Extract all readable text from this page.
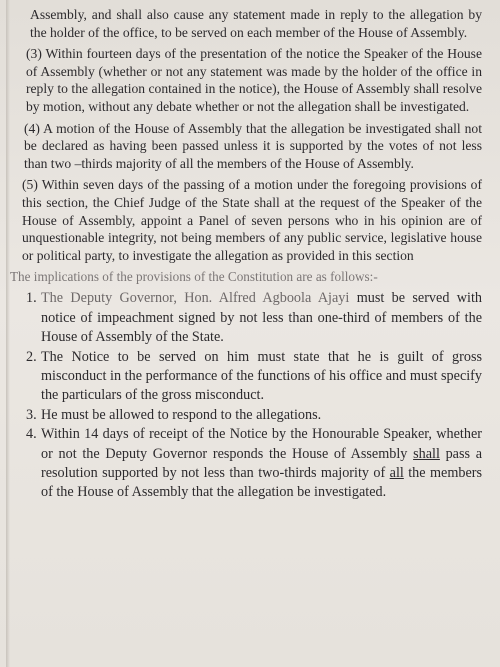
Assembly, and shall also cause any statement made in reply to the allegation by the holder of the office, to be served on each member of the House of Assembly.

(3) Within fourteen days of the presentation of the notice the Speaker of the House of Assembly (whether or not any statement was made by the holder of the office in reply to the allegation contained in the notice), the House of Assembly shall resolve by motion, without any debate whether or not the allegation shall be investigated.

(4) A motion of the House of Assembly that the allegation be investigated shall not be declared as having been passed unless it is supported by the votes of not less than two –thirds majority of all the members of the House of Assembly.

(5) Within seven days of the passing of a motion under the foregoing provisions of this section, the Chief Judge of the State shall at the request of the Speaker of the House of Assembly, appoint a Panel of seven persons who in his opinion are of unquestionable integrity, not being members of any public service, legislative house or political party, to investigate the allegation as provided in this section

The implications of the provisions of the Constitution are as follows:-

1. The Deputy Governor, Hon. Alfred Agboola Ajayi must be served with notice of impeachment signed by not less than one-third of members of the House of Assembly of the State.
2. The Notice to be served on him must state that he is guilt of gross misconduct in the performance of the functions of his office and must specify the particulars of the gross misconduct.
3. He must be allowed to respond to the allegations.
4. Within 14 days of receipt of the Notice by the Honourable Speaker, whether or not the Deputy Governor responds the House of Assembly shall pass a resolution supported by not less than two-thirds majority of all the members of the House of Assembly that the allegation be investigated.
